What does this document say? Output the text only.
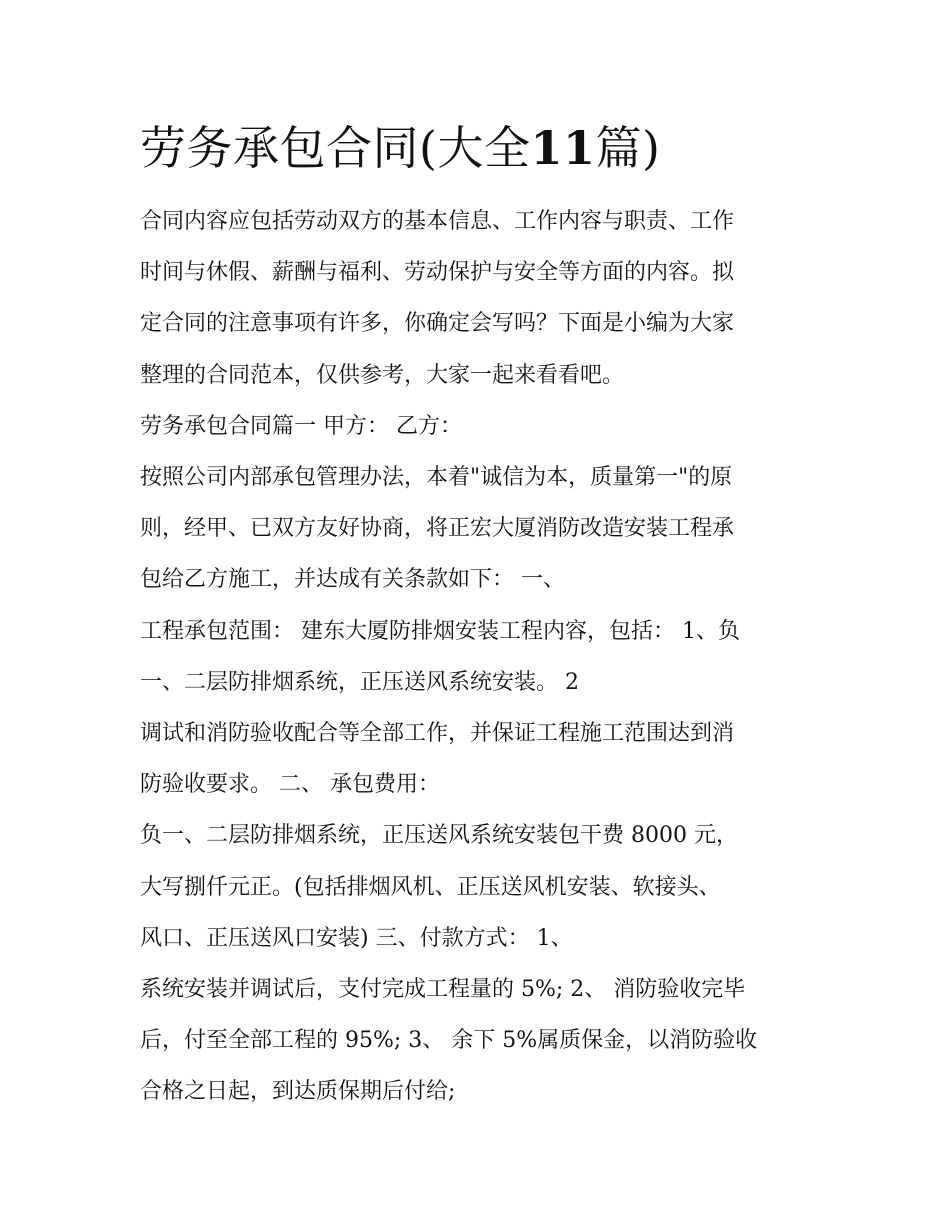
劳务承包合同(大全11篇)

合同内容应包括劳动双方的基本信息、工作内容与职责、工作
时间与休假、薪酬与福利、劳动保护与安全等方面的内容。拟
定合同的注意事项有许多，你确定会写吗？下面是小编为大家
整理的合同范本，仅供参考，大家一起来看看吧。

劳务承包合同篇一 甲方： 乙方：

按照公司内部承包管理办法，本着"诚信为本，质量第一"的原
则，经甲、已双方友好协商，将正宏大厦消防改造安装工程承
包给乙方施工，并达成有关条款如下： 一、

工程承包范围： 建东大厦防排烟安装工程内容，包括： 1、负
一、二层防排烟系统，正压送风系统安装。 2

调试和消防验收配合等全部工作，并保证工程施工范围达到消
防验收要求。 二、 承包费用：

负一、二层防排烟系统，正压送风系统安装包干费 8000 元，
大写捌仟元正。(包括排烟风机、正压送风机安装、软接头、
风口、正压送风口安装) 三、付款方式： 1、

系统安装并调试后，支付完成工程量的 5%; 2、 消防验收完毕
后，付至全部工程的 95%; 3、 余下 5%属质保金，以消防验收
合格之日起，到达质保期后付给;
